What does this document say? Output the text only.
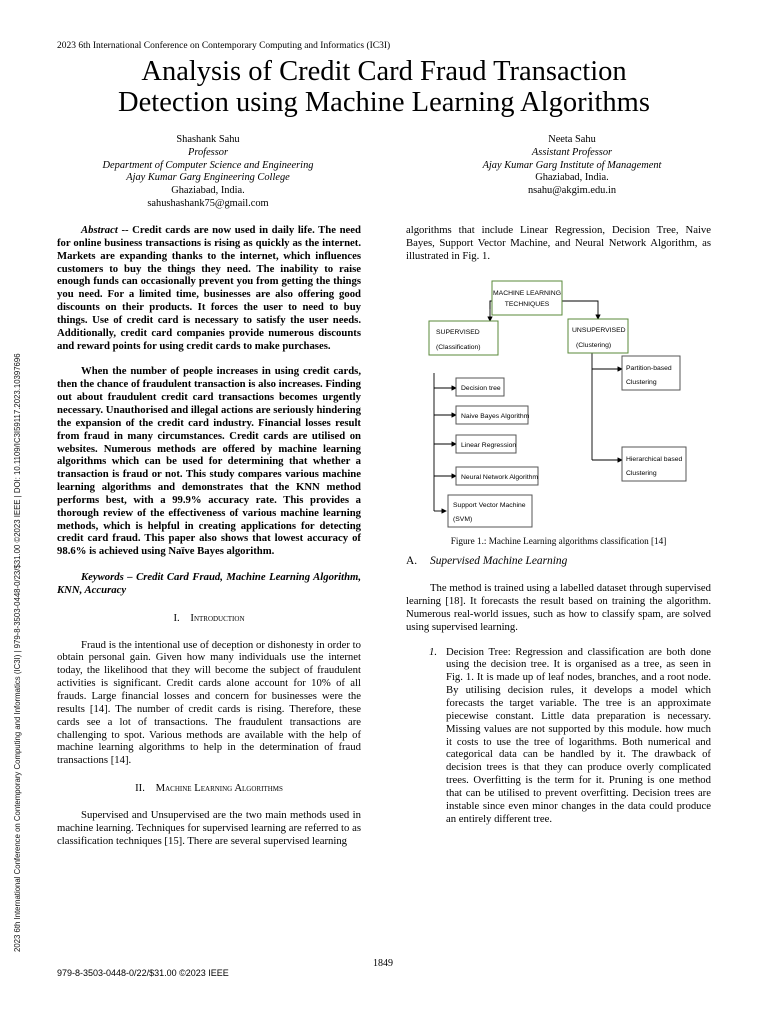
2023 6th International Conference on Contemporary Computing and Informatics (IC3I)
Analysis of Credit Card Fraud Transaction
Detection using Machine Learning Algorithms
Shashank Sahu
Professor
Department of Computer Science and Engineering
Ajay Kumar Garg Engineering College
Ghaziabad, India.
sahushashank75@gmail.com
Neeta Sahu
Assistant Professor
Ajay Kumar Garg Institute of Management
Ghaziabad, India.
nsahu@akgim.edu.in
2023 6th International Conference on Contemporary Computing and Informatics (IC3I) | 979-8-3503-0448-0/23/$31.00 ©2023 IEEE | DOI: 10.1109/IC3I59117.2023.10397696

Abstract -- Credit cards are now used in daily life. The need for online business transactions is rising as quickly as the internet. Markets are expanding thanks to the internet, which influences customers to buy the things they need. The inability to raise enough funds can occasionally prevent you from getting the things you need. For a limited time, businesses are also offering good discounts on their products. It forces the user to need to buy things. Use of credit card is necessary to satisfy the user needs. Additionally, credit card companies provide numerous discounts and reward points for using credit cards to make purchases.

When the number of people increases in using credit cards, then the chance of fraudulent transaction is also increases. Finding out about fraudulent credit card transactions becomes urgently necessary. Unauthorised and illegal actions are seriously hindering the expansion of the credit card industry. Financial losses result from fraud in many circumstances. Credit cards are utilised on websites. Numerous methods are offered by machine learning algorithms which can be used for determining that whether a transaction is fraud or not. This study compares various machine learning algorithms and demonstrates that the KNN method performs best, with a 99.9% accuracy rate. This provides a thorough review of the effectiveness of various machine learning methods, which is helpful in creating applications for detecting credit card fraud. This paper also shows that lowest accuracy of 98.6% is achieved using Naïve Bayes algorithm.

Keywords – Credit Card Fraud, Machine Learning Algorithm, KNN, Accuracy

I. Introduction

Fraud is the intentional use of deception or dishonesty in order to obtain personal gain. Given how many individuals use the internet today, the likelihood that they will become the subject of fraudulent activities is significant. Credit cards alone account for 10% of all frauds. Large financial losses and concern for businesses were the results [14]. The number of credit cards is rising. Therefore, these cards see a lot of transactions. The fraudulent transactions are challenging to spot. Various methods are available with the help of machine learning algorithms to help in the determination of fraud transactions [14].

II. Machine Learning Algorithms

Supervised and Unsupervised are the two main methods used in machine learning. Techniques for supervised learning are referred to as classification techniques [15]. There are several supervised learning

algorithms that include Linear Regression, Decision Tree, Naive Bayes, Support Vector Machine, and Neural Network Algorithm, as illustrated in Fig. 1.

MACHINE LEARNING
TECHNIQUES
SUPERVISED
(Classification)
UNSUPERVISED
(Clustering)
Decision tree
Naive Bayes Algorithm
Linear Regression
Neural Network Algorithm
Support Vector Machine
(SVM)
Partition-based
Clustering
Hierarchical based
Clustering
Figure 1.: Machine Learning algorithms classification [14]
A. Supervised Machine Learning

The method is trained using a labelled dataset through supervised learning [18]. It forecasts the result based on training the algorithm. Numerous real-world issues, such as how to classify spam, are solved using supervised learning.

1. Decision Tree: Regression and classification are both done using the decision tree. It is organised as a tree, as seen in Fig. 1. It is made up of leaf nodes, branches, and a root node. By utilising decision rules, it develops a model which forecasts the target variable. The tree is an approximate piecewise constant. Little data preparation is necessary. Missing values are not supported by this module. how much it costs to use the tree of logarithms. Both numerical and categorical data can be handled by it. The drawback of decision trees is that they can produce overly complicated trees. Overfitting is the term for it. Pruning is one method that can be utilised to prevent overfitting. Decision trees are instable since even minor changes in the data could produce an entirely different tree.

1849
979-8-3503-0448-0/22/$31.00 ©2023 IEEE
